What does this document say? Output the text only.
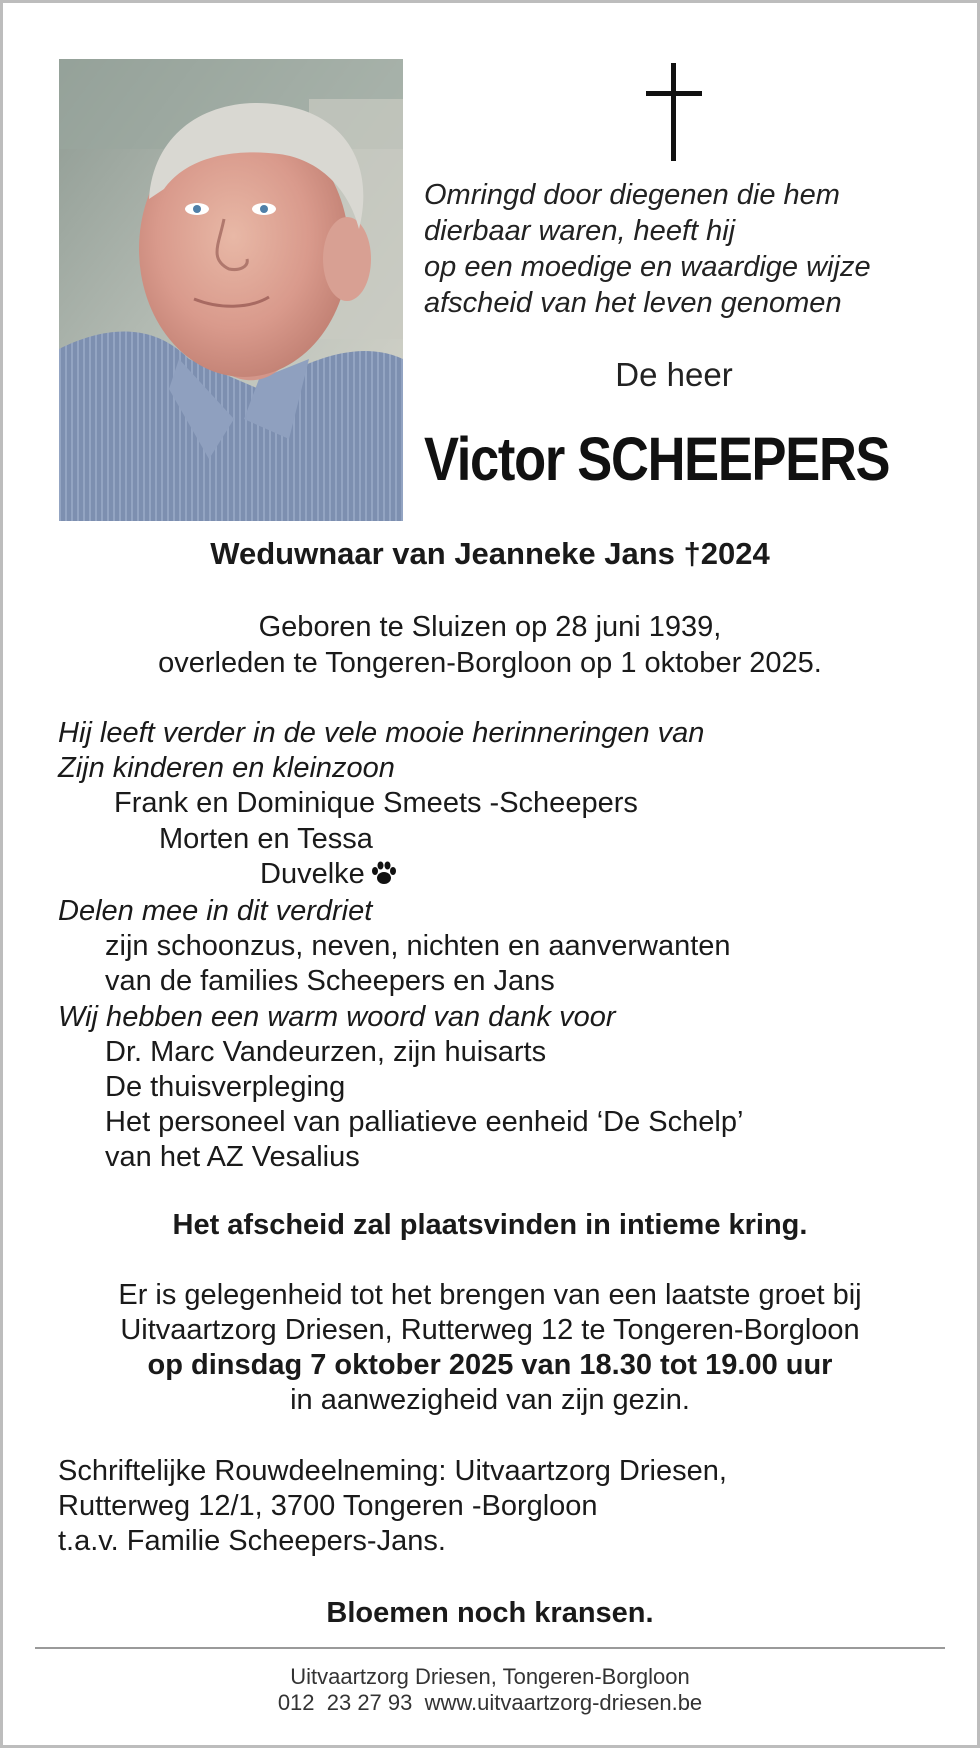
Omringd door diegenen die hem
dierbaar waren, heeft hij
op een moedige en waardige wijze
afscheid van het leven genomen
De heer
Victor SCHEEPERS
Weduwnaar van Jeanneke Jans †2024
Geboren te Sluizen op 28 juni 1939,
overleden te Tongeren-Borgloon op 1 oktober 2025.
Hij leeft verder in de vele mooie herinneringen van
Zijn kinderen en kleinzoon
Frank en Dominique Smeets -Scheepers
Morten en Tessa
Duvelke
Delen mee in dit verdriet
zijn schoonzus, neven, nichten en aanverwanten
van de families Scheepers en Jans
Wij hebben een warm woord van dank voor
Dr. Marc Vandeurzen, zijn huisarts
De thuisverpleging
Het personeel van palliatieve eenheid ‘De Schelp’
van het AZ Vesalius
Het afscheid zal plaatsvinden in intieme kring.
Er is gelegenheid tot het brengen van een laatste groet bij
Uitvaartzorg Driesen, Rutterweg 12 te Tongeren-Borgloon
op dinsdag 7 oktober 2025 van 18.30 tot 19.00 uur
in aanwezigheid van zijn gezin.
Schriftelijke Rouwdeelneming: Uitvaartzorg Driesen,
Rutterweg 12/1, 3700 Tongeren -Borgloon
t.a.v. Familie Scheepers-Jans.
Bloemen noch kransen.
Uitvaartzorg Driesen, Tongeren-Borgloon
012  23 27 93  www.uitvaartzorg-driesen.be
